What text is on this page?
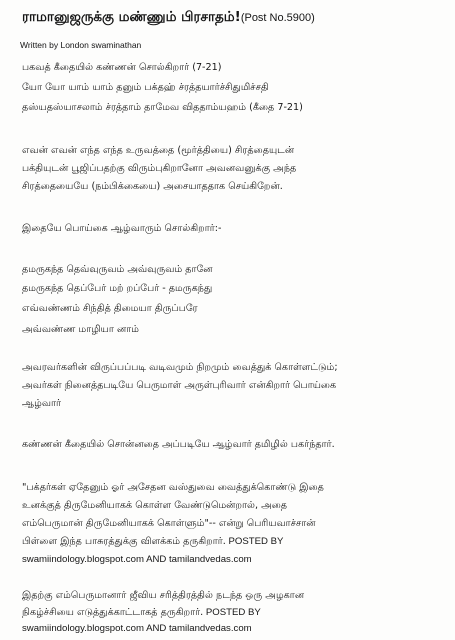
ராமானுஜருக்கு மண்ணும் பிரசாதம்!(Post No.5900)
Written by London swaminathan
பகவத் கீதையில் கண்ணன் சொல்கிறார் (7-21)
யோ யோ யாம் யாம் தனும் பக்தஹ் ச்ரத்தயார்ச்சிதுமிச்சதி
தஸ்யதஸ்யாசலாம் ச்ரத்தாம் தாமேவ விததாம்யஹம் (கீதை 7-21)
எவன் எவன் எந்த எந்த உருவத்தை (மூர்த்தியை) சிரத்தையுடன்
பக்தியுடன் பூஜிப்பதற்கு விரும்புகிறானோ அவனவனுக்கு அந்த
சிரத்தையையே (நம்பிக்கையை) அசையாததாக செய்கிறேன்.
இதையே பொய்கை ஆழ்வாரும் சொல்கிறார்:-
தமருகந்த தெவ்வுருவம் அவ்வுருவம் தானே
தமருகந்த தெப்பேர் மற் றப்பேர் - தமருகந்து
எவ்வண்ணம் சிந்தித் திமையா திருப்பரே
அவ்வண்ண மாழியா னாம்
அவரவர்களின் விருப்பப்படி வடிவமும் நிறமும் வைத்துக் கொள்ளட்டும்;
அவர்கள் நினைத்தபடியே பெருமாள் அருள்புரிவார் என்கிறார் பொய்கை
ஆழ்வார்
கண்ணன் கீதையில் சொன்னதை அப்படியே ஆழ்வார் தமிழில் பகர்ந்தார்.
"பக்தர்கள் ஏதேனும் ஓர் அசேதன வஸ்துவை வைத்துக்கொண்டு இதை
உனக்குத் திருமேனியாகக் கொள்ள வேண்டுமென்றால், அதை
எம்பெருமான் திருமேனியாகக் கொள்ளும்"-- என்று பெரியவாச்சான்
பிள்ளை இந்த பாசுரத்துக்கு விளக்கம் தருகிறார். POSTED BY
swamiindology.blogspot.com AND tamilandvedas.com
இதற்கு எம்பெருமானார் ஜீவிய சரித்திரத்தில் நடந்த ஒரு அழகான
நிகழ்ச்சியை எடுத்துக்காட்டாகத் தருகிறார். POSTED BY
swamiindology.blogspot.com AND tamilandvedas.com
